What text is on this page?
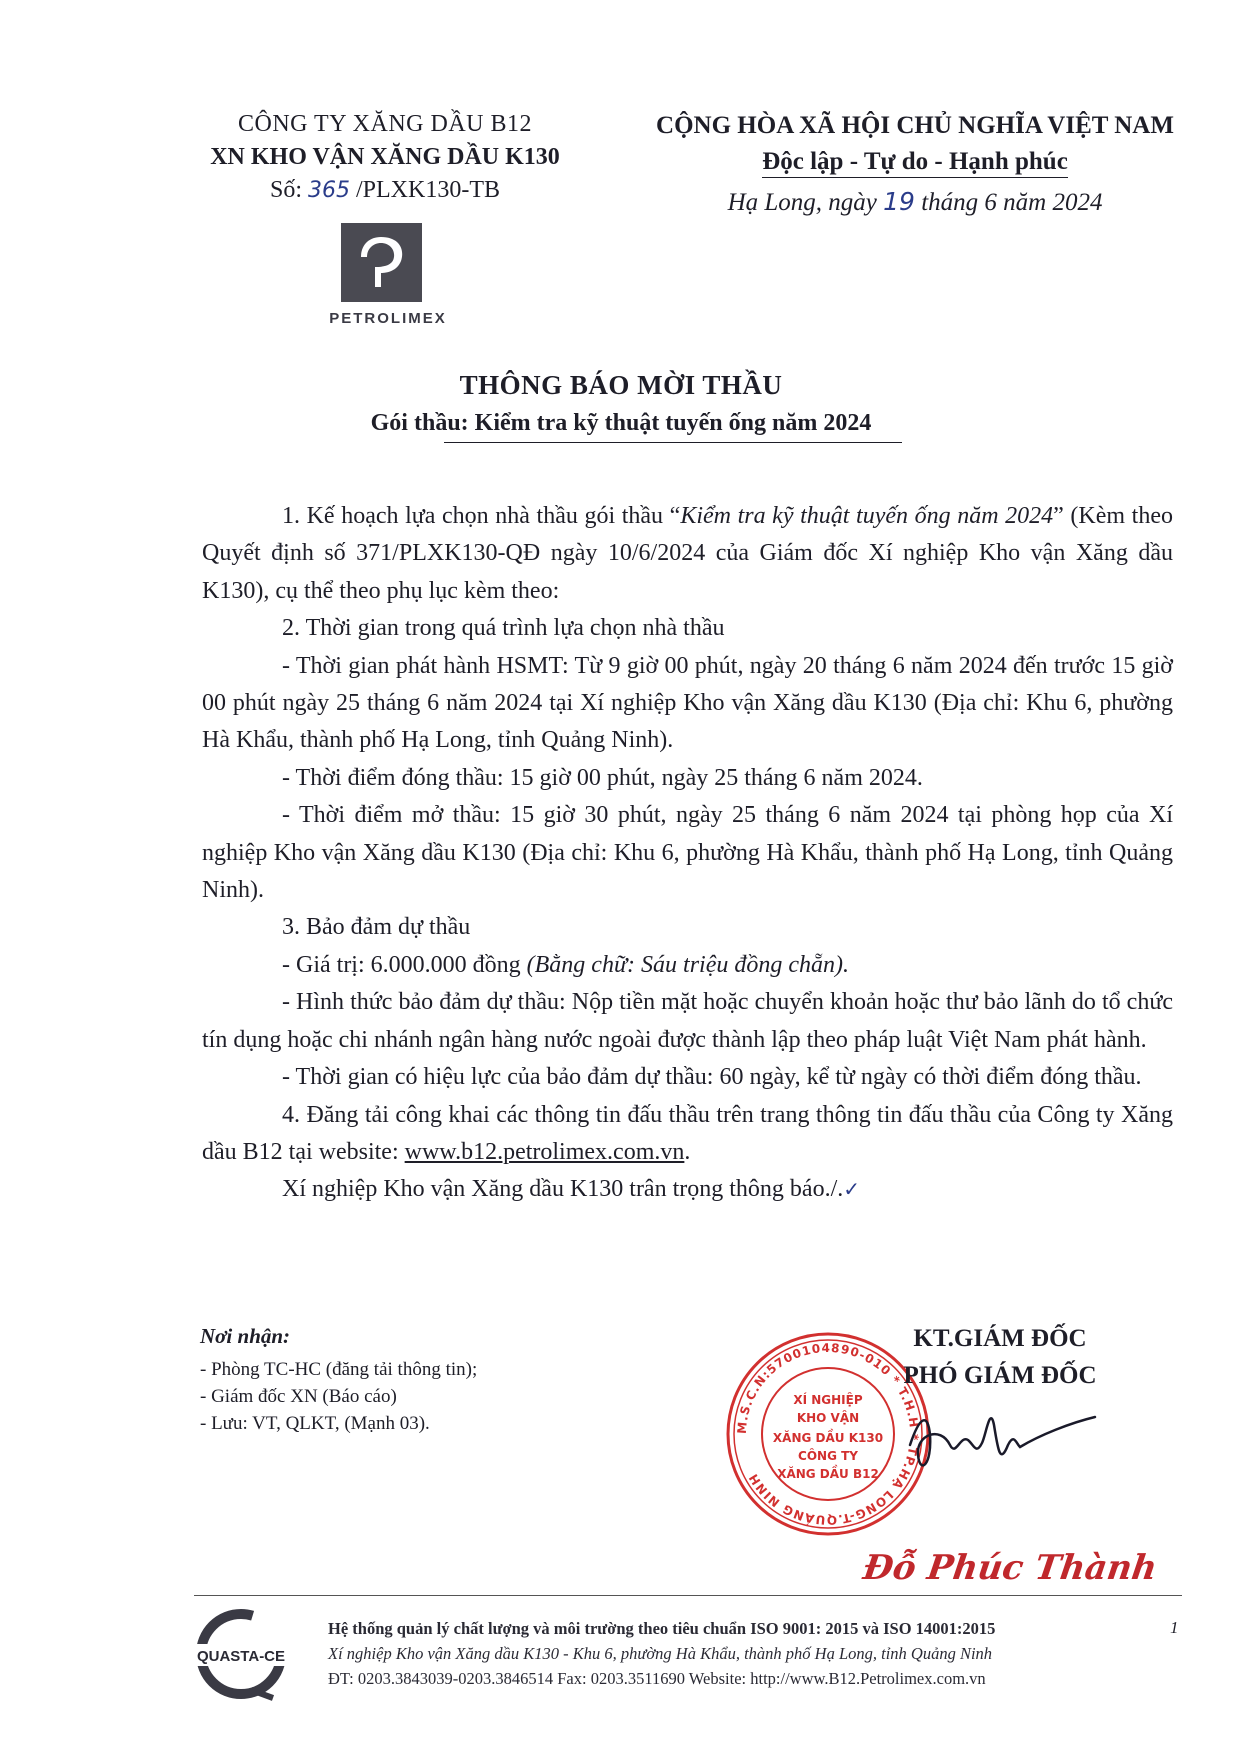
CÔNG TY XĂNG DẦU B12
XN KHO VẬN XĂNG DẦU K130
Số: 365 /PLXK130-TB
PETROLIMEX
CỘNG HÒA XÃ HỘI CHỦ NGHĨA VIỆT NAM
Độc lập - Tự do - Hạnh phúc
Hạ Long, ngày 19 tháng 6 năm 2024
THÔNG BÁO MỜI THẦU
Gói thầu: Kiểm tra kỹ thuật tuyến ống năm 2024

1. Kế hoạch lựa chọn nhà thầu gói thầu “Kiểm tra kỹ thuật tuyến ống năm 2024” (Kèm theo Quyết định số 371/PLXK130-QĐ ngày 10/6/2024 của Giám đốc Xí nghiệp Kho vận Xăng dầu K130), cụ thể theo phụ lục kèm theo:

2. Thời gian trong quá trình lựa chọn nhà thầu

- Thời gian phát hành HSMT: Từ 9 giờ 00 phút, ngày 20 tháng 6 năm 2024 đến trước 15 giờ 00 phút ngày 25 tháng 6 năm 2024 tại Xí nghiệp Kho vận Xăng dầu K130 (Địa chỉ: Khu 6, phường Hà Khẩu, thành phố Hạ Long, tỉnh Quảng Ninh).

- Thời điểm đóng thầu: 15 giờ 00 phút, ngày 25 tháng 6 năm 2024.

- Thời điểm mở thầu: 15 giờ 30 phút, ngày 25 tháng 6 năm 2024 tại phòng họp của Xí nghiệp Kho vận Xăng dầu K130 (Địa chỉ: Khu 6, phường Hà Khẩu, thành phố Hạ Long, tỉnh Quảng Ninh).

3. Bảo đảm dự thầu

- Giá trị: 6.000.000 đồng (Bằng chữ: Sáu triệu đồng chẵn).

- Hình thức bảo đảm dự thầu: Nộp tiền mặt hoặc chuyển khoản hoặc thư bảo lãnh do tổ chức tín dụng hoặc chi nhánh ngân hàng nước ngoài được thành lập theo pháp luật Việt Nam phát hành.

- Thời gian có hiệu lực của bảo đảm dự thầu: 60 ngày, kể từ ngày có thời điểm đóng thầu.

4. Đăng tải công khai các thông tin đấu thầu trên trang thông tin đấu thầu của Công ty Xăng dầu B12 tại website: www.b12.petrolimex.com.vn.

Xí nghiệp Kho vận Xăng dầu K130 trân trọng thông báo./.✓

Nơi nhận:
- Phòng TC-HC (đăng tải thông tin);
- Giám đốc XN (Báo cáo)
- Lưu: VT, QLKT, (Mạnh 03).	M.S.C.N:5700104890-010 * T.H.H * TP.HẠ LONG-T.QUẢNG NINH
XÍ NGHIỆP
KHO VẬN
XĂNG DẦU K130
CÔNG TY
XĂNG DẦU B12
KT.GIÁM ĐỐC
PHÓ GIÁM ĐỐC
Đỗ Phúc Thành
QUASTA-CE
Hệ thống quản lý chất lượng và môi trường theo tiêu chuẩn ISO 9001: 2015 và ISO 14001:2015
Xí nghiệp Kho vận Xăng dầu K130 - Khu 6, phường Hà Khẩu, thành phố Hạ Long, tỉnh Quảng Ninh
ĐT: 0203.3843039-0203.3846514 Fax: 0203.3511690 Website: http://www.B12.Petrolimex.com.vn
1
